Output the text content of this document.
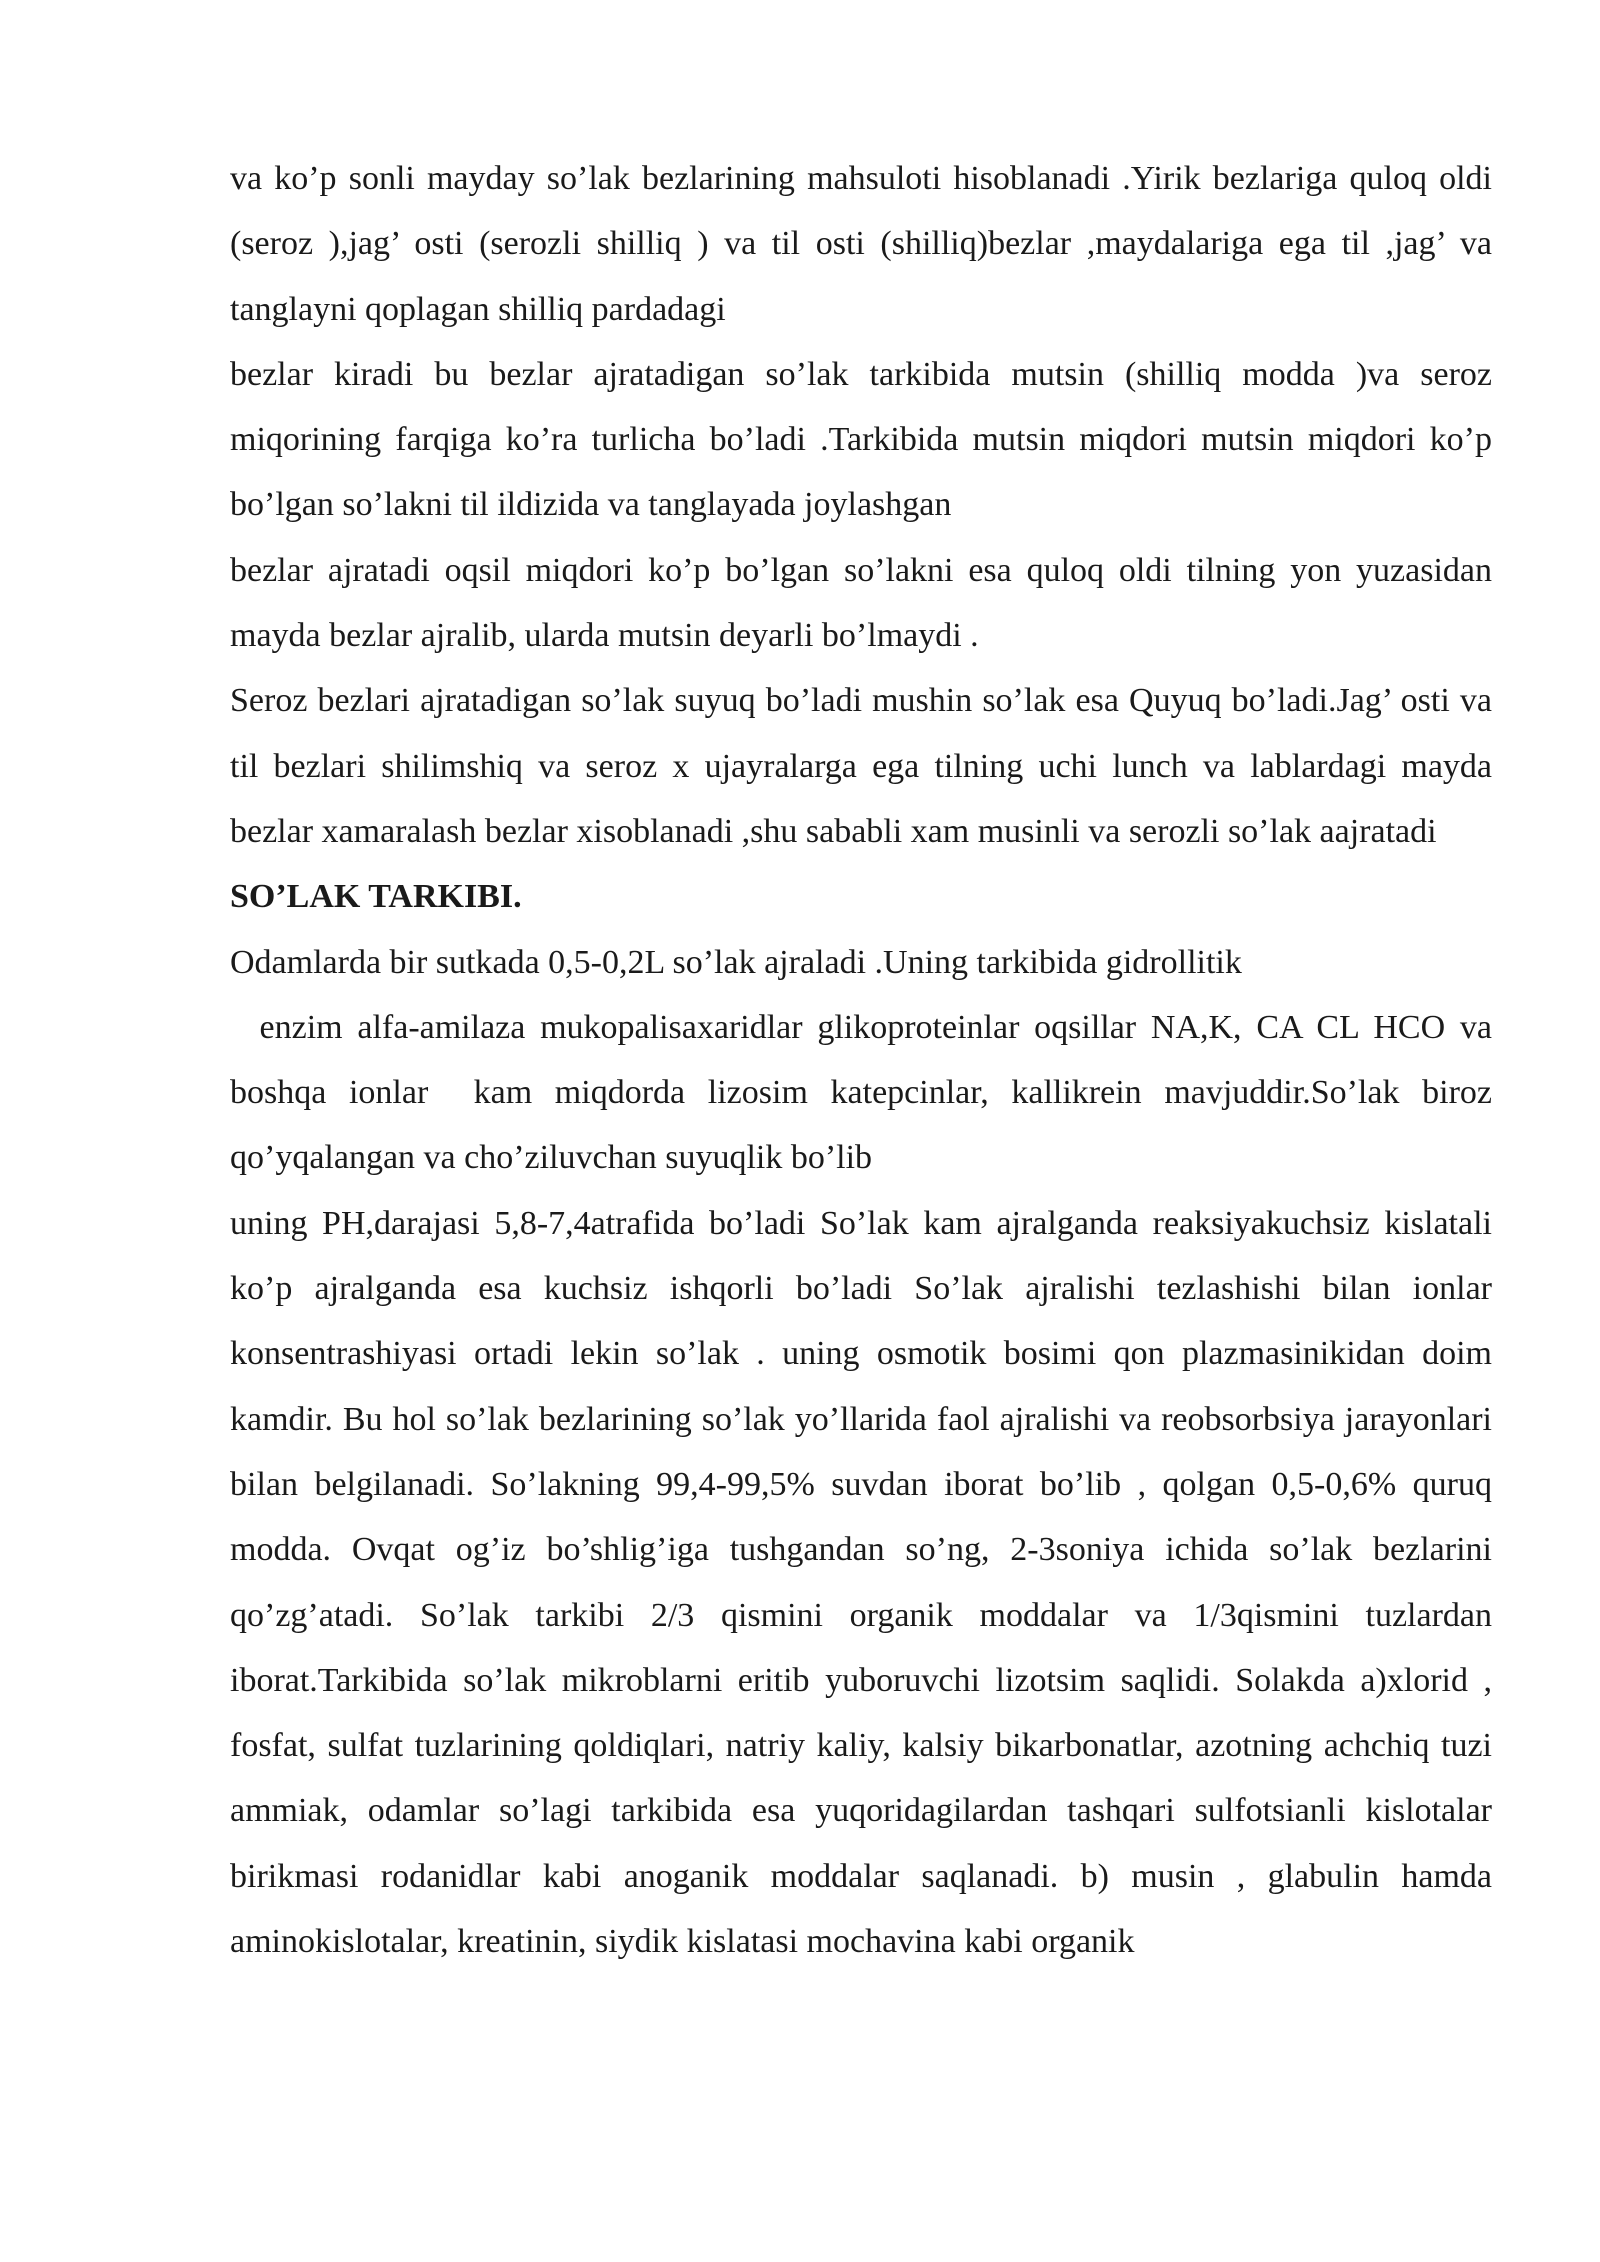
va ko’p sonli mayday so’lak bezlarining mahsuloti hisoblanadi .Yirik bezlariga quloq oldi (seroz ),jag’ osti (serozli shilliq ) va til osti (shilliq)bezlar ,maydalariga ega til ,jag’ va tanglayni qoplagan shilliq pardadagi

bezlar kiradi bu bezlar ajratadigan so’lak tarkibida mutsin (shilliq modda )va seroz miqorining farqiga ko’ra turlicha bo’ladi .Tarkibida mutsin miqdori mutsin miqdori ko’p bo’lgan so’lakni til ildizida va tanglayada joylashgan

bezlar ajratadi oqsil miqdori ko’p bo’lgan so’lakni esa quloq oldi tilning yon yuzasidan mayda bezlar ajralib, ularda mutsin deyarli bo’lmaydi .

Seroz bezlari ajratadigan so’lak suyuq bo’ladi mushin so’lak esa Quyuq bo’ladi.Jag’ osti va til bezlari shilimshiq va seroz x ujayralarga ega tilning uchi lunch va lablardagi mayda bezlar xamaralash bezlar xisoblanadi ,shu sababli xam musinli va serozli so’lak aajratadi

SO’LAK TARKIBI.

Odamlarda bir sutkada 0,5-0,2L so’lak ajraladi .Uning tarkibida gidrollitik

enzim alfa-amilaza mukopalisaxaridlar glikoproteinlar oqsillar NA,K, CA CL HCO va boshqa ionlar  kam miqdorda lizosim katepcinlar, kallikrein mavjuddir.So’lak biroz qo’yqalangan va cho’ziluvchan suyuqlik bo’lib

uning PH,darajasi 5,8-7,4atrafida bo’ladi So’lak kam ajralganda reaksiyakuchsiz kislatali ko’p ajralganda esa kuchsiz ishqorli bo’ladi So’lak ajralishi tezlashishi bilan ionlar konsentrashiyasi ortadi lekin so’lak . uning osmotik bosimi qon plazmasinikidan doim kamdir. Bu hol so’lak bezlarining so’lak yo’llarida faol ajralishi va reobsorbsiya jarayonlari bilan belgilanadi. So’lakning 99,4-99,5% suvdan iborat bo’lib , qolgan 0,5-0,6% quruq modda. Ovqat og’iz bo’shlig’iga tushgandan so’ng, 2-3soniya ichida so’lak bezlarini qo’zg’atadi. So’lak tarkibi 2/3 qismini organik moddalar va 1/3qismini tuzlardan iborat.Tarkibida so’lak mikroblarni eritib yuboruvchi lizotsim saqlidi. Solakda a)xlorid , fosfat, sulfat tuzlarining qoldiqlari, natriy kaliy, kalsiy bikarbonatlar, azotning achchiq tuzi ammiak, odamlar so’lagi tarkibida esa yuqoridagilardan tashqari sulfotsianli kislotalar birikmasi rodanidlar kabi anoganik moddalar saqlanadi. b) musin , glabulin hamda aminokislotalar, kreatinin, siydik kislatasi mochavina kabi organik
